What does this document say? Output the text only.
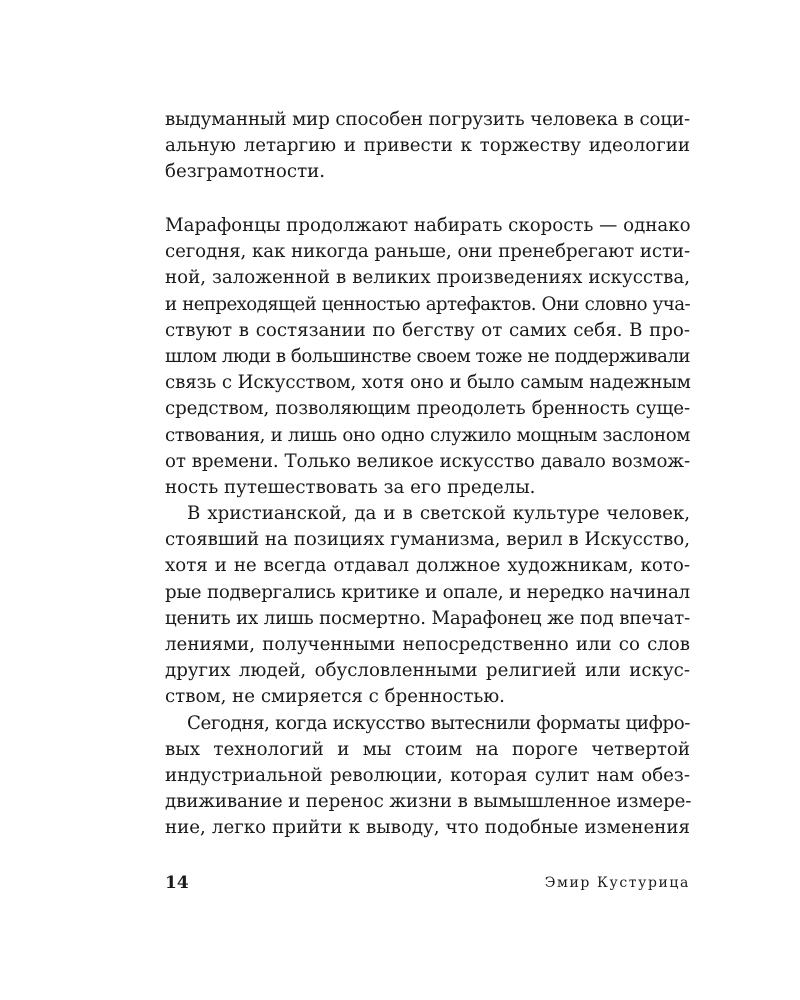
выдуманный мир способен погрузить человека в соци-
альную летаргию и привести к торжеству идеологии
безграмотности.
Марафонцы продолжают набирать скорость — однако
сегодня, как никогда раньше, они пренебрегают исти-
ной, заложенной в великих произведениях искусства,
и непреходящей ценностью артефактов. Они словно уча-
ствуют в состязании по бегству от самих себя. В про-
шлом люди в большинстве своем тоже не поддерживали
связь с Искусством, хотя оно и было самым надежным
средством, позволяющим преодолеть бренность суще-
ствования, и лишь оно одно служило мощным заслоном
от времени. Только великое искусство давало возмож-
ность путешествовать за его пределы.
В христианской, да и в светской культуре человек,
стоявший на позициях гуманизма, верил в Искусство,
хотя и не всегда отдавал должное художникам, кото-
рые подвергались критике и опале, и нередко начинал
ценить их лишь посмертно. Марафонец же под впечат-
лениями, полученными непосредственно или со слов
других людей, обусловленными религией или искус-
ством, не смиряется с бренностью.
Сегодня, когда искусство вытеснили форматы цифро-
вых технологий и мы стоим на пороге четвертой
индустриальной революции, которая сулит нам обез-
движивание и перенос жизни в вымышленное измере-
ние, легко прийти к выводу, что подобные изменения
14	Эмир Кустурица
